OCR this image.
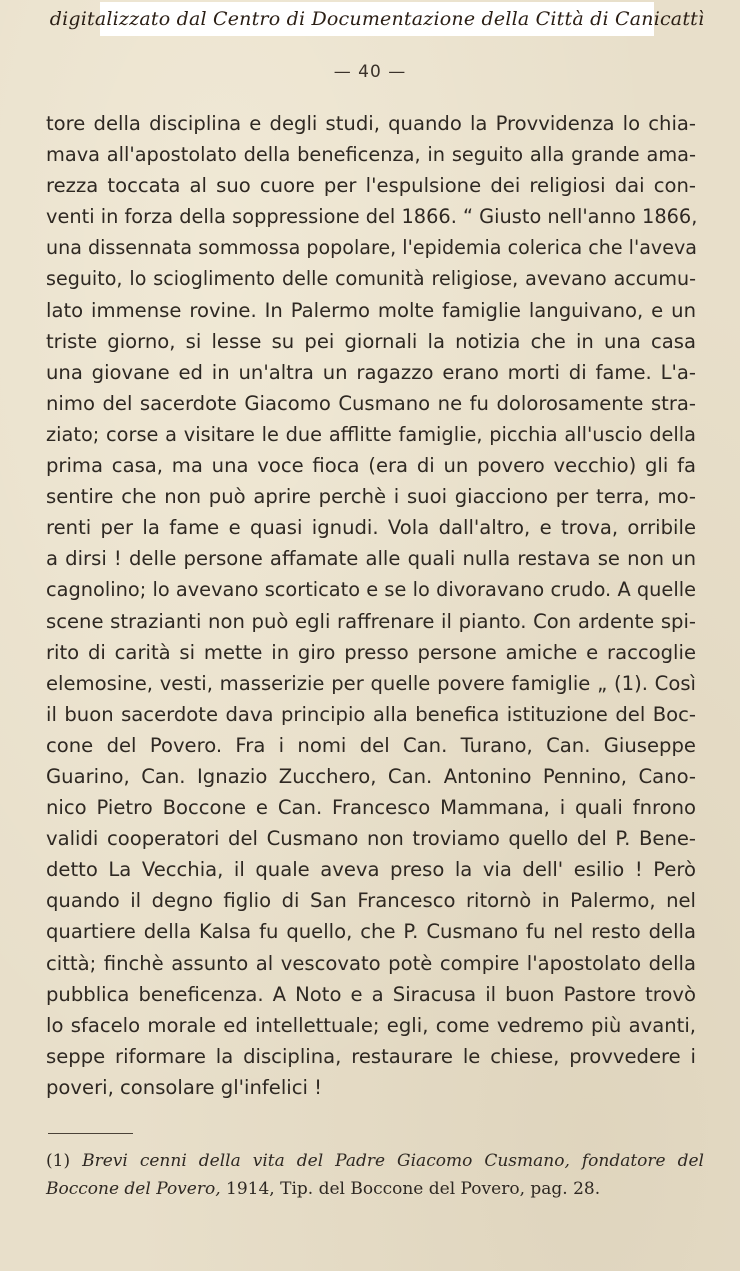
digitalizzato dal Centro di Documentazione della Città di Canicattì
— 40 —
tore della disciplina e degli studi, quando la Provvidenza lo chia-
mava all'apostolato della beneficenza, in seguito alla grande ama-
rezza toccata al suo cuore per l'espulsione dei religiosi dai con-
venti in forza della soppressione del 1866. “ Giusto nell'anno 1866,
una dissennata sommossa popolare, l'epidemia colerica che l'aveva
seguito, lo scioglimento delle comunità religiose, avevano accumu-
lato immense rovine. In Palermo molte famiglie languivano, e un
triste giorno, si lesse su pei giornali la notizia che in una casa
una giovane ed in un'altra un ragazzo erano morti di fame. L'a-
nimo del sacerdote Giacomo Cusmano ne fu dolorosamente stra-
ziato; corse a visitare le due afflitte famiglie, picchia all'uscio della
prima casa, ma una voce fioca (era di un povero vecchio) gli fa
sentire che non può aprire perchè i suoi giacciono per terra, mo-
renti per la fame e quasi ignudi. Vola dall'altro, e trova, orribile
a dirsi ! delle persone affamate alle quali nulla restava se non un
cagnolino; lo avevano scorticato e se lo divoravano crudo. A quelle
scene strazianti non può egli raffrenare il pianto. Con ardente spi-
rito di carità si mette in giro presso persone amiche e raccoglie
elemosine, vesti, masserizie per quelle povere famiglie „ (1). Così
il buon sacerdote dava principio alla benefica istituzione del Boc-
cone del Povero. Fra i nomi del Can. Turano, Can. Giuseppe
Guarino, Can. Ignazio Zucchero, Can. Antonino Pennino, Cano-
nico Pietro Boccone e Can. Francesco Mammana, i quali fnrono
validi cooperatori del Cusmano non troviamo quello del P. Bene-
detto La Vecchia, il quale aveva preso la via dell' esilio ! Però
quando il degno figlio di San Francesco ritornò in Palermo, nel
quartiere della Kalsa fu quello, che P. Cusmano fu nel resto della
città; finchè assunto al vescovato potè compire l'apostolato della
pubblica beneficenza. A Noto e a Siracusa il buon Pastore trovò
lo sfacelo morale ed intellettuale; egli, come vedremo più avanti,
seppe riformare la disciplina, restaurare le chiese, provvedere i
poveri, consolare gl'infelici !
(1) Brevi cenni della vita del Padre Giacomo Cusmano, fondatore del
Boccone del Povero, 1914, Tip. del Boccone del Povero, pag. 28.
